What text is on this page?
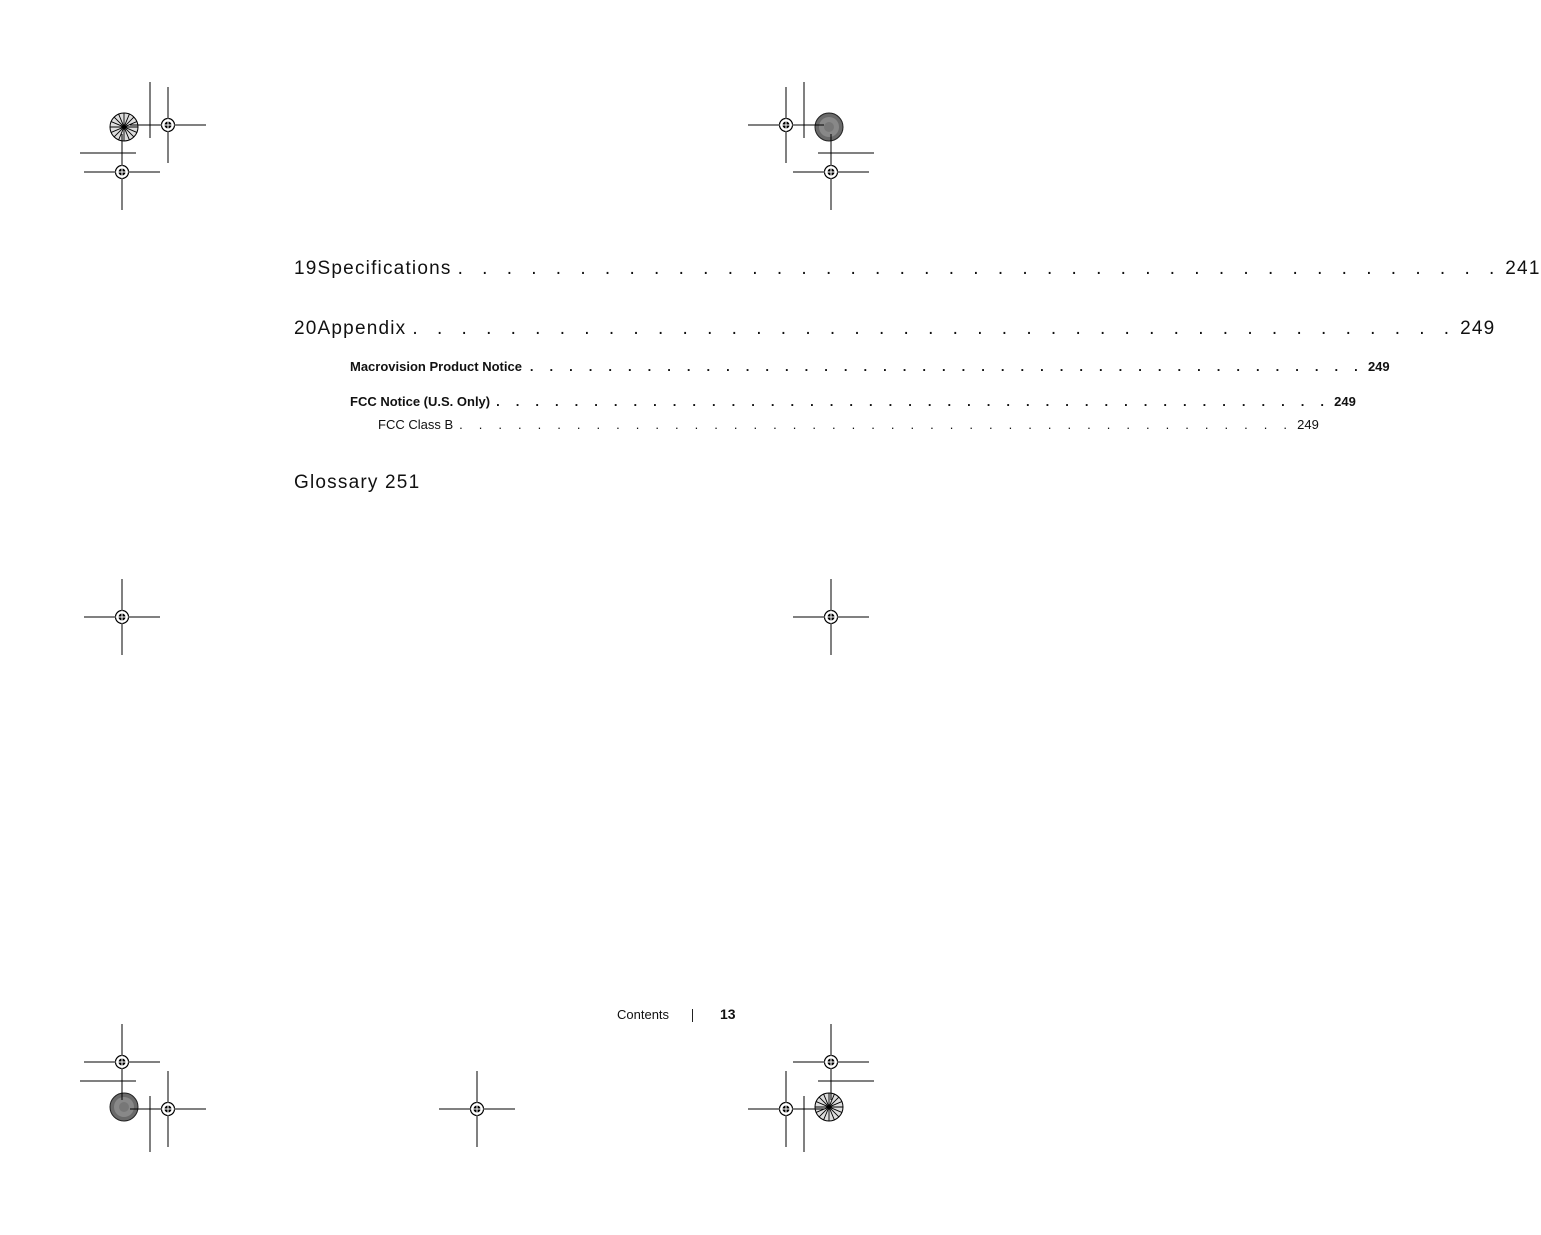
19 Specifications . . . . . . . . . . . . . . . . . . . . . . . . . . . . . . . . . . . . . . . . . . . 241
20 Appendix . . . . . . . . . . . . . . . . . . . . . . . . . . . . . . . . . . . . . . . . . . . 249
Macrovision Product Notice . . . . . . . . . . . . . . . . . . . . . . . . . . . . . . . . . . . . . . . . . . . 249
FCC Notice (U.S. Only) . . . . . . . . . . . . . . . . . . . . . . . . . . . . . . . . . . . . . . . . . . . 249
FCC Class B . . . . . . . . . . . . . . . . . . . . . . . . . . . . . . . . . . . . . . . . . . . 249
Glossary 251
Contents	13
